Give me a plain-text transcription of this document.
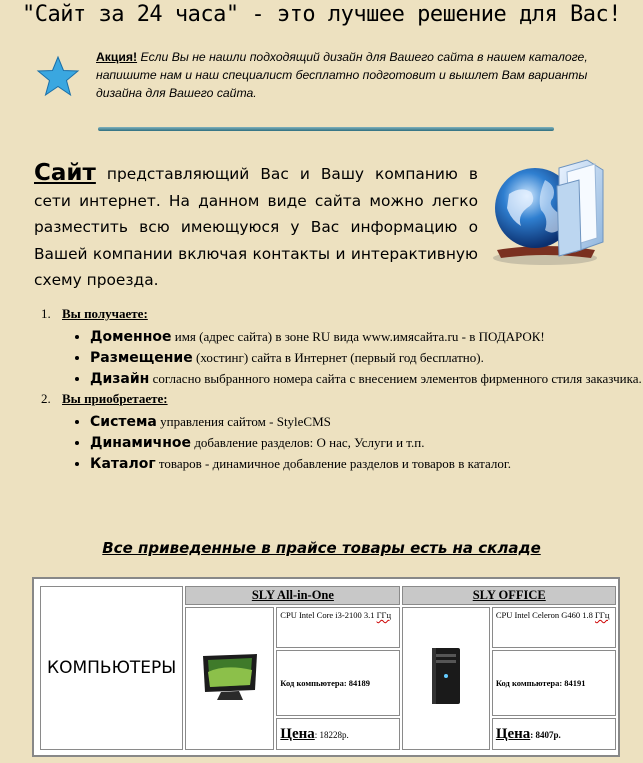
"Сайт за 24 часа" - это лучшее решение для Вас!
Акция! Если Вы не нашли подходящий дизайн для Вашего сайта в нашем каталоге, напишите нам и наш специалист бесплатно подготовит и вышлет Вам варианты дизайна для Вашего сайта.
Сайт представляющий Вас и Вашу компанию в сети интернет. На данном виде сайта можно легко разместить всю имеющуюся у Вас информацию о Вашей компании включая контакты и интерактивную схему проезда.
1. Вы получаете:
• Доменное имя (адрес сайта) в зоне RU вида www.имясайта.ru - в ПОДАРОК!
• Размещение (хостинг) сайта в Интернет (первый год бесплатно).
• Дизайн согласно выбранного номера сайта с внесением элементов фирменного стиля заказчика.
2. Вы приобретаете:
• Система управления сайтом - StyleCMS
• Динамичное добавление разделов: О нас, Услуги и т.п.
• Каталог товаров - динамичное добавление разделов и товаров в каталог.
Все приведенные в прайсе товары есть на складе
КОМПЬЮТЕРЫ	SLY All-in-One		SLY OFFICE	
	CPU Intel Core i3-2100 3.1 ГГц		CPU Intel Celeron G460 1.8 ГГц
		Код компьютера: 84189		Код компьютера: 84191
		Цена: 18228р.		Цена: 8407р.
